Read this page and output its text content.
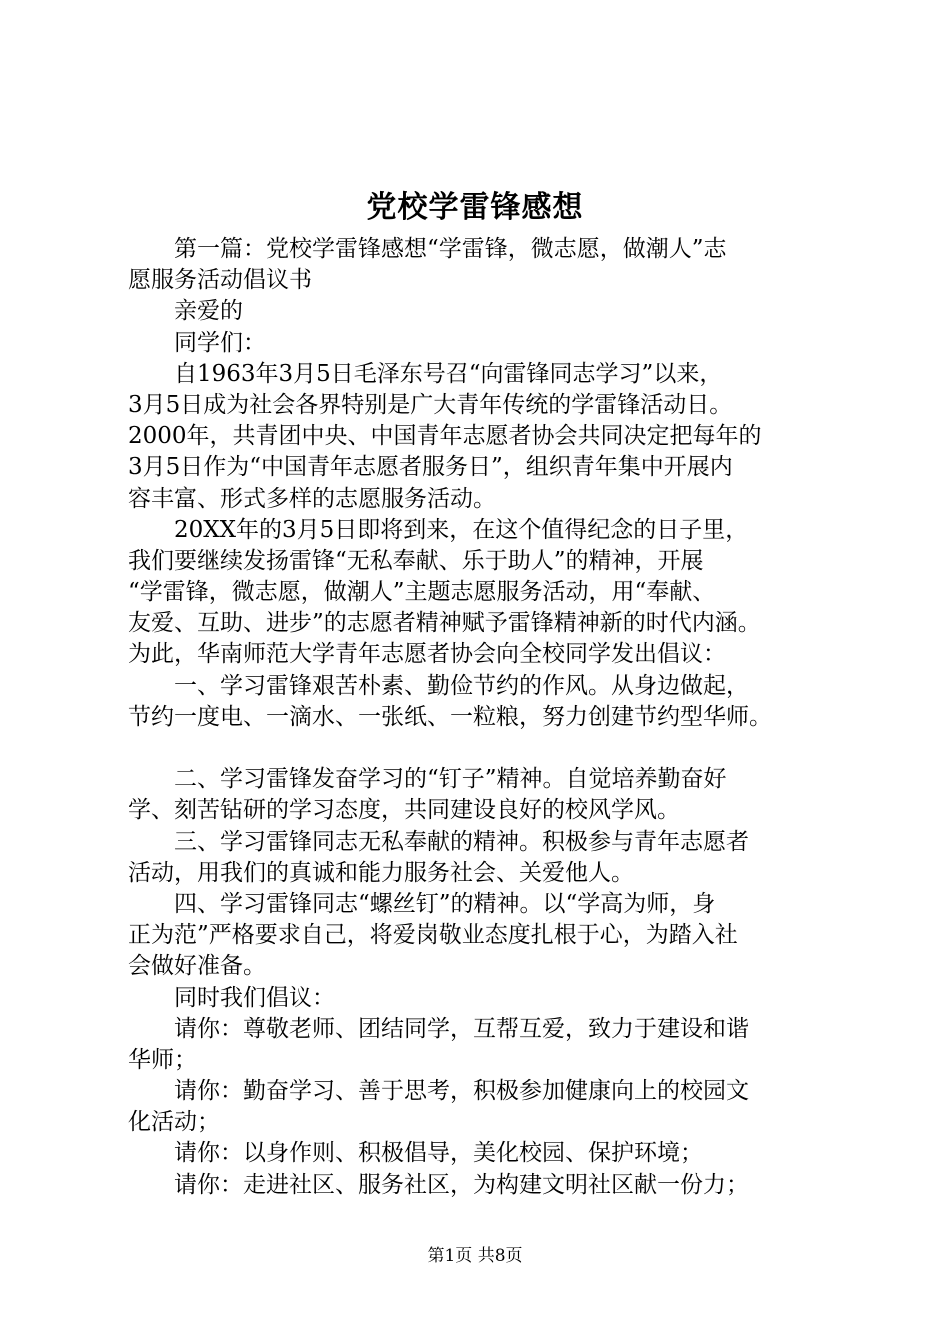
党校学雷锋感想
　　第一篇：党校学雷锋感想“学雷锋，微志愿，做潮人”志
愿服务活动倡议书
　　亲爱的
　　同学们：
　　自1963年3月5日毛泽东号召“向雷锋同志学习”以来，
3月5日成为社会各界特别是广大青年传统的学雷锋活动日。
2000年，共青团中央、中国青年志愿者协会共同决定把每年的
3月5日作为“中国青年志愿者服务日”，组织青年集中开展内
容丰富、形式多样的志愿服务活动。
　　20XX年的3月5日即将到来，在这个值得纪念的日子里，
我们要继续发扬雷锋“无私奉献、乐于助人”的精神，开展
“学雷锋，微志愿，做潮人”主题志愿服务活动，用“奉献、
友爱、互助、进步”的志愿者精神赋予雷锋精神新的时代内涵。
为此，华南师范大学青年志愿者协会向全校同学发出倡议：
　　一、学习雷锋艰苦朴素、勤俭节约的作风。从身边做起，
节约一度电、一滴水、一张纸、一粒粮，努力创建节约型华师。
　　二、学习雷锋发奋学习的“钉子”精神。自觉培养勤奋好
学、刻苦钻研的学习态度，共同建设良好的校风学风。
　　三、学习雷锋同志无私奉献的精神。积极参与青年志愿者
活动，用我们的真诚和能力服务社会、关爱他人。
　　四、学习雷锋同志“螺丝钉”的精神。以“学高为师，身
正为范”严格要求自己，将爱岗敬业态度扎根于心，为踏入社
会做好准备。
　　同时我们倡议：
　　请你：尊敬老师、团结同学，互帮互爱，致力于建设和谐
华师；
　　请你：勤奋学习、善于思考，积极参加健康向上的校园文
化活动；
　　请你：以身作则、积极倡导，美化校园、保护环境；
　　请你：走进社区、服务社区，为构建文明社区献一份力；
第1页 共8页
